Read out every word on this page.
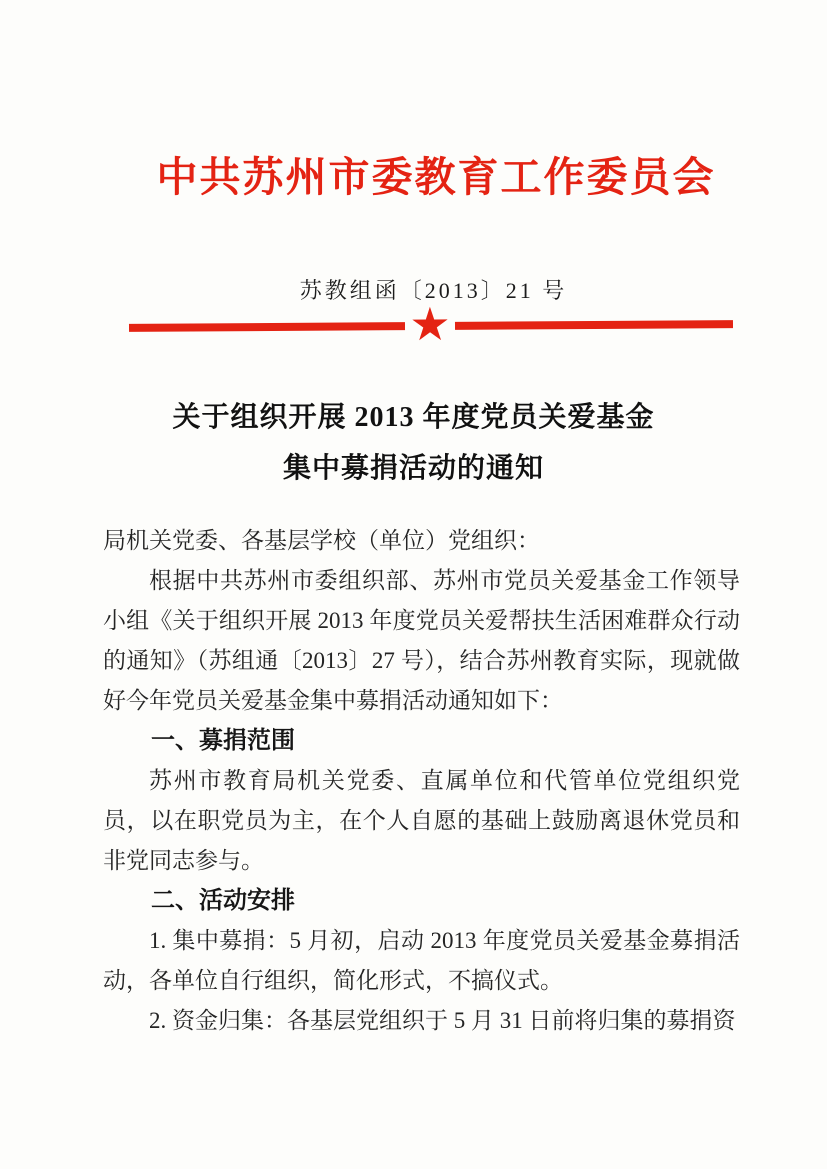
中共苏州市委教育工作委员会
苏教组函〔2013〕21 号
★
关于组织开展 2013 年度党员关爱基金
集中募捐活动的通知

局机关党委、各基层学校（单位）党组织：

根据中共苏州市委组织部、苏州市党员关爱基金工作领导小组《关于组织开展 2013 年度党员关爱帮扶生活困难群众行动的通知》（苏组通〔2013〕27 号），结合苏州教育实际，现就做好今年党员关爱基金集中募捐活动通知如下：

一、募捐范围

苏州市教育局机关党委、直属单位和代管单位党组织党员，以在职党员为主，在个人自愿的基础上鼓励离退休党员和非党同志参与。

二、活动安排

1. 集中募捐：5 月初，启动 2013 年度党员关爱基金募捐活动，各单位自行组织，简化形式，不搞仪式。

2. 资金归集：各基层党组织于 5 月 31 日前将归集的募捐资
